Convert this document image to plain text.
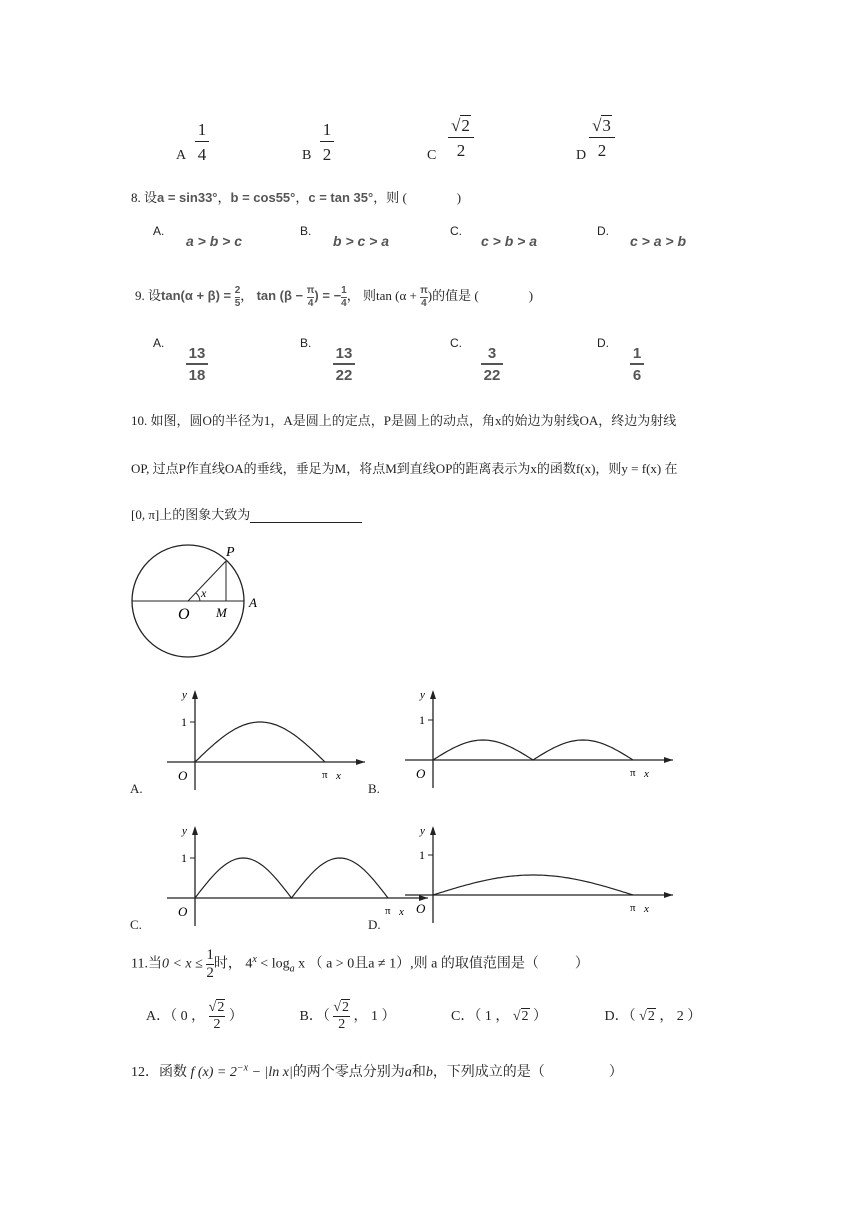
A
1
4	B
1
2	C
√2
2	D
√3
2
8. 设a = sin33°，b = cos55°，c = tan 35°，则 (	)
A.
a > b > c
B.
b > c > a
C.
c > b > a
D.
c > a > b
9. 设$\tan(\alpha + \beta) = \frac{2}{5}$， $\tan (\beta - \frac{\pi}{4}) = -\frac{1}{4}$， 则$\tan (\alpha + \frac{\pi}{4})$的值是 (	)
A.
13
18
B.
13
22
C.
3
22
D.
1
6
10. 如图，圆O的半径为1，A是圆上的定点，P是圆上的动点，角x的始边为射线OA，终边为射线
OP, 过点P作直线OA的垂线，垂足为M，将点M到直线OP的距离表示为x的函数f(x)，则y = f(x) 在
[0, π]上的图象大致为
P
O M
A
x
y
1
O	π x
A.
y
1
O	π x
B.
y
1
O	π x
C.
y
1
O	π x
D.
11.当$0 < x \le \frac{1}{2}$时， $4^x < \log_a x$ （ a > 0且a ≠ 1）,则 a 的取值范围是（	）
A．（ 0 ， $\frac{√2}{2}$ ）	B．（ $\frac{√2}{2}$ ， 1 ）	C．（ 1 ， √2 ）	D．（ √2 ， 2 ）
12．函数 f $(x) = 2^{-x} - |\ln$ x|的两个零点分别为a和b，下列成立的是（	）
